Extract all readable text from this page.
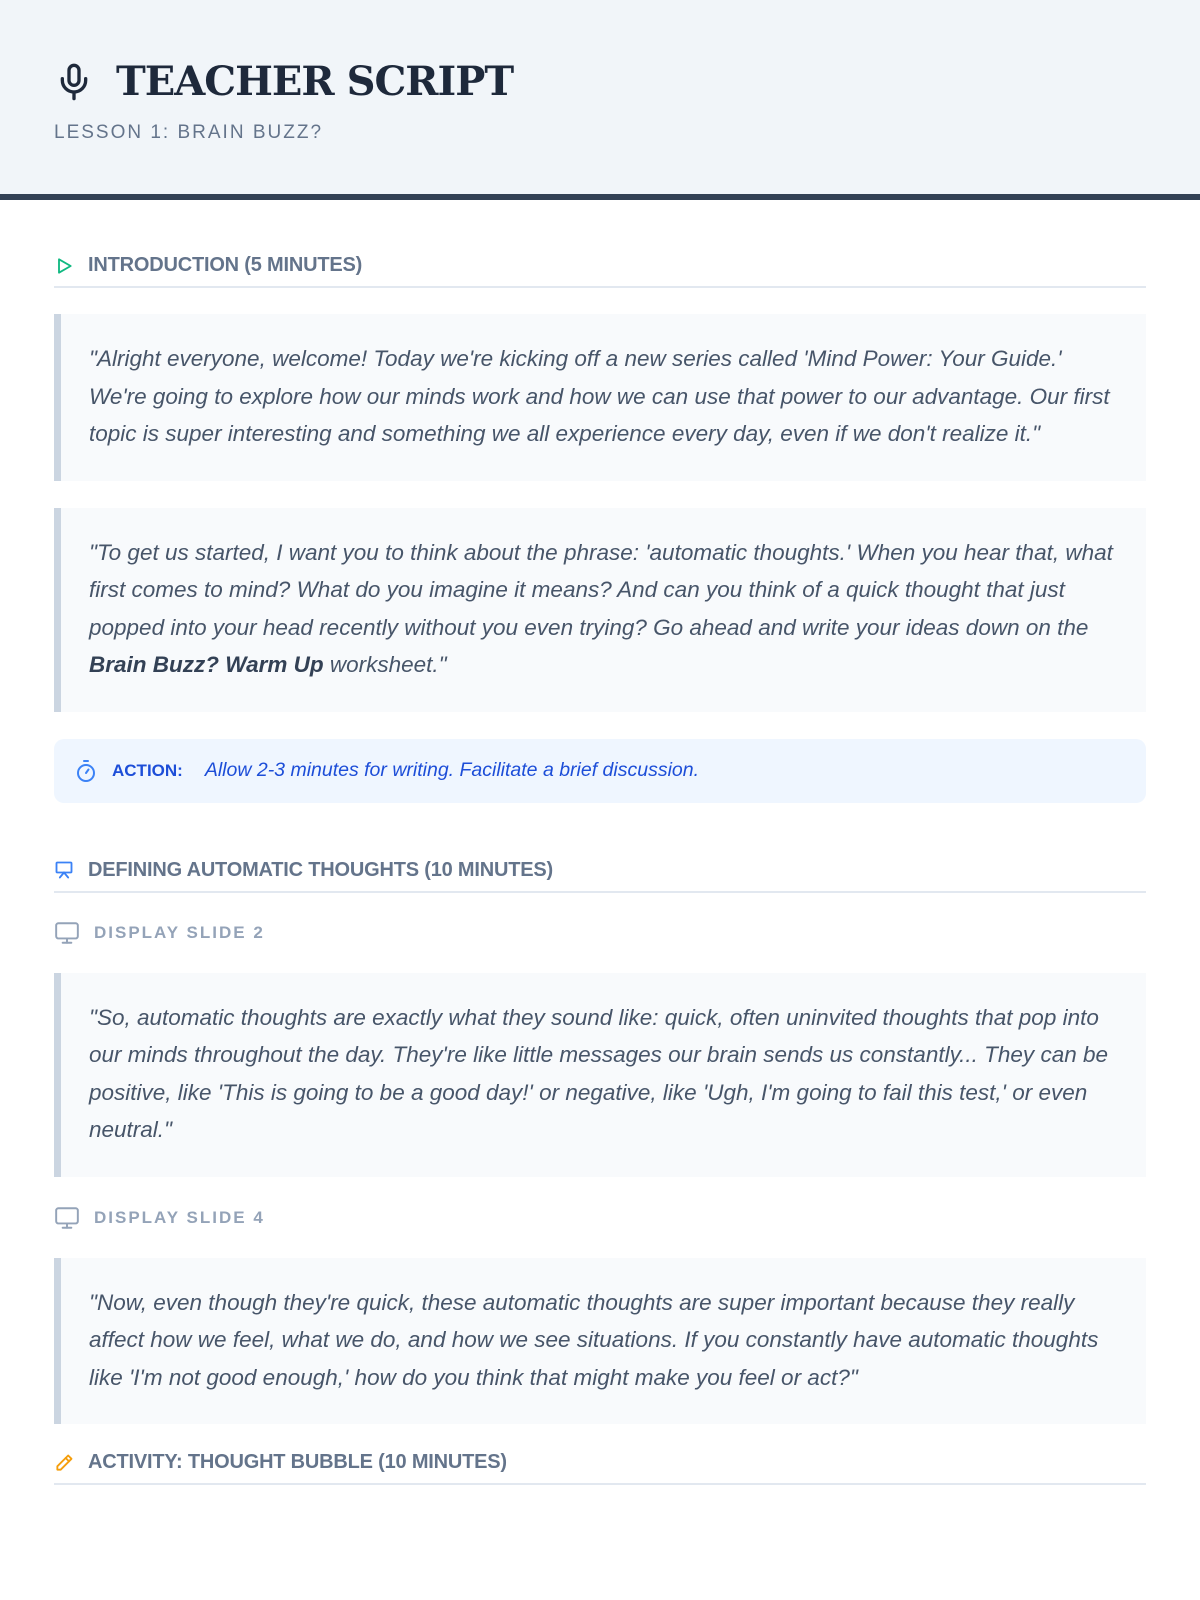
TEACHER SCRIPT
LESSON 1: BRAIN BUZZ?
INTRODUCTION (5 MINUTES)
"Alright everyone, welcome! Today we're kicking off a new series called 'Mind Power: Your Guide.' We're going to explore how our minds work and how we can use that power to our advantage. Our first topic is super interesting and something we all experience every day, even if we don't realize it."
"To get us started, I want you to think about the phrase: 'automatic thoughts.' When you hear that, what first comes to mind? What do you imagine it means? And can you think of a quick thought that just popped into your head recently without you even trying? Go ahead and write your ideas down on the Brain Buzz? Warm Up worksheet."
ACTION: Allow 2-3 minutes for writing. Facilitate a brief discussion.
DEFINING AUTOMATIC THOUGHTS (10 MINUTES)
DISPLAY SLIDE 2
"So, automatic thoughts are exactly what they sound like: quick, often uninvited thoughts that pop into our minds throughout the day. They're like little messages our brain sends us constantly... They can be positive, like 'This is going to be a good day!' or negative, like 'Ugh, I'm going to fail this test,' or even neutral."
DISPLAY SLIDE 4
"Now, even though they're quick, these automatic thoughts are super important because they really affect how we feel, what we do, and how we see situations. If you constantly have automatic thoughts like 'I'm not good enough,' how do you think that might make you feel or act?"
ACTIVITY: THOUGHT BUBBLE (10 MINUTES)
